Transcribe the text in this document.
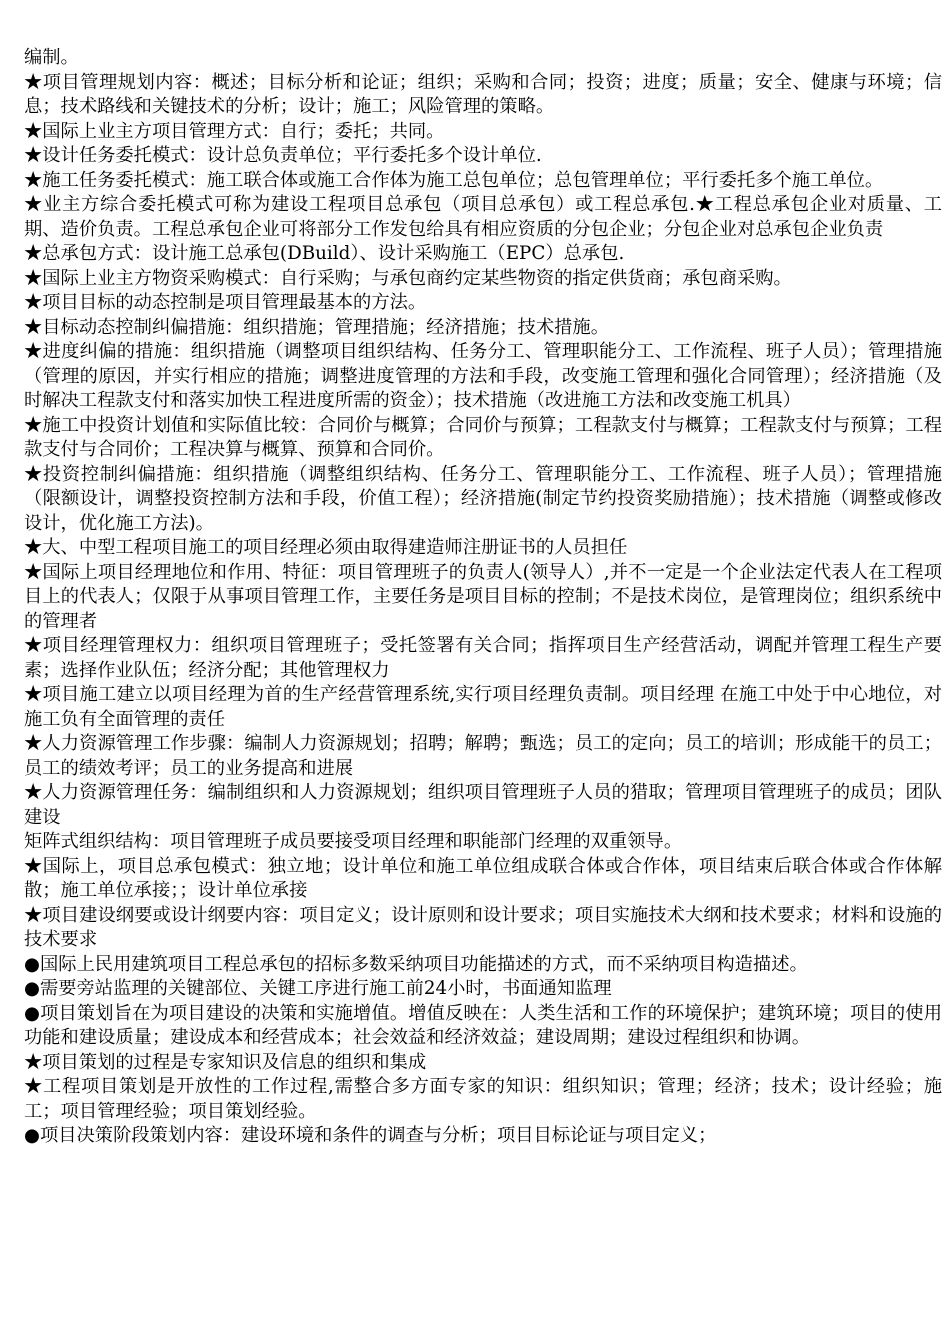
编制。

★项目管理规划内容：概述；目标分析和论证；组织；采购和合同；投资；进度；质量；安全、健康与环境；信息；技术路线和关键技术的分析；设计；施工；风险管理的策略。

★国际上业主方项目管理方式：自行；委托；共同。

★设计任务委托模式：设计总负责单位；平行委托多个设计单位.

★施工任务委托模式：施工联合体或施工合作体为施工总包单位；总包管理单位；平行委托多个施工单位。

★业主方综合委托模式可称为建设工程项目总承包（项目总承包）或工程总承包.★工程总承包企业对质量、工期、造价负责。工程总承包企业可将部分工作发包给具有相应资质的分包企业；分包企业对总承包企业负责

★总承包方式：设计施工总承包(DBuild）、设计采购施工（EPC）总承包.

★国际上业主方物资采购模式：自行采购；与承包商约定某些物资的指定供货商；承包商采购。

★项目目标的动态控制是项目管理最基本的方法。

★目标动态控制纠偏措施：组织措施；管理措施；经济措施；技术措施。

★进度纠偏的措施：组织措施（调整项目组织结构、任务分工、管理职能分工、工作流程、班子人员）；管理措施（管理的原因，并实行相应的措施；调整进度管理的方法和手段，改变施工管理和强化合同管理）；经济措施（及时解决工程款支付和落实加快工程进度所需的资金）；技术措施（改进施工方法和改变施工机具）

★施工中投资计划值和实际值比较：合同价与概算；合同价与预算；工程款支付与概算；工程款支付与预算；工程款支付与合同价；工程决算与概算、预算和合同价。

★投资控制纠偏措施：组织措施（调整组织结构、任务分工、管理职能分工、工作流程、班子人员）；管理措施（限额设计，调整投资控制方法和手段，价值工程）；经济措施(制定节约投资奖励措施）；技术措施（调整或修改设计，优化施工方法)。

★大、中型工程项目施工的项目经理必须由取得建造师注册证书的人员担任

★国际上项目经理地位和作用、特征：项目管理班子的负责人(领导人）,并不一定是一个企业法定代表人在工程项目上的代表人；仅限于从事项目管理工作，主要任务是项目目标的控制；不是技术岗位，是管理岗位；组织系统中的管理者

★项目经理管理权力：组织项目管理班子；受托签署有关合同；指挥项目生产经营活动，调配并管理工程生产要素；选择作业队伍；经济分配；其他管理权力

★项目施工建立以项目经理为首的生产经营管理系统,实行项目经理负责制。项目经理 在施工中处于中心地位，对施工负有全面管理的责任

★人力资源管理工作步骤：编制人力资源规划；招聘；解聘；甄选；员工的定向；员工的培训；形成能干的员工；员工的绩效考评；员工的业务提高和进展

★人力资源管理任务：编制组织和人力资源规划；组织项目管理班子人员的猎取；管理项目管理班子的成员；团队建设

矩阵式组织结构：项目管理班子成员要接受项目经理和职能部门经理的双重领导。

★国际上，项目总承包模式：独立地；设计单位和施工单位组成联合体或合作体，项目结束后联合体或合作体解散；施工单位承接；；设计单位承接

★项目建设纲要或设计纲要内容：项目定义；设计原则和设计要求；项目实施技术大纲和技术要求；材料和设施的技术要求

●国际上民用建筑项目工程总承包的招标多数采纳项目功能描述的方式，而不采纳项目构造描述。

●需要旁站监理的关键部位、关键工序进行施工前24小时，书面通知监理

●项目策划旨在为项目建设的决策和实施增值。增值反映在：人类生活和工作的环境保护；建筑环境；项目的使用功能和建设质量；建设成本和经营成本；社会效益和经济效益；建设周期；建设过程组织和协调。

★项目策划的过程是专家知识及信息的组织和集成

★工程项目策划是开放性的工作过程,需整合多方面专家的知识：组织知识；管理；经济；技术；设计经验；施工；项目管理经验；项目策划经验。

●项目决策阶段策划内容：建设环境和条件的调查与分析；项目目标论证与项目定义；
